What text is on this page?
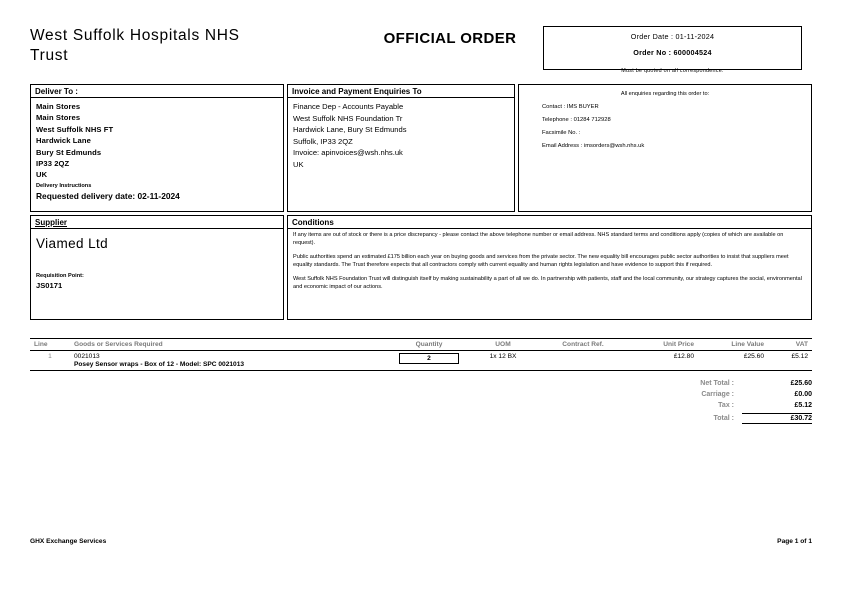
West Suffolk Hospitals NHS Trust
OFFICIAL ORDER	Order Date : 01-11-2024
Order No : 600004524
Must be quoted on all correspondence.
Deliver To :
Main Stores
Main Stores
West Suffolk NHS FT
Hardwick Lane
Bury St Edmunds
IP33 2QZ
UK
Delivery Instructions
Requested delivery date: 02-11-2024
Invoice and Payment Enquiries To
Finance Dep - Accounts Payable
West Suffolk NHS Foundation Tr
Hardwick Lane, Bury St Edmunds
Suffolk, IP33 2QZ
Invoice: apinvoices@wsh.nhs.uk
UK
All enquiries regarding this order to:
Contact : IMS BUYER
Telephone : 01284 712928
Facsimile No. :
Email Address : imsorders@wsh.nhs.uk
Supplier
Viamed Ltd
Requisition Point:
JS0171
Conditions
If any items are out of stock or there is a price discrepancy - please contact the above telephone number or email address. NHS standard terms and conditions apply (copies of which are available on request).
Public authorities spend an estimated £175 billion each year on buying goods and services from the private sector. The new equality bill encourages public sector authorities to insist that suppliers meet equality standards. The Trust therefore expects that all contractors comply with current equality and human rights legislation and have evidence to support this if required.
West Suffolk NHS Foundation Trust will distinguish itself by making sustainability a part of all we do. In partnership with patients, staff and the local community, our strategy captures the social, environmental and economic impact of our actions.
Line	Goods or Services Required	Quantity	UOM	Contract Ref.	Unit Price	Line Value	VAT
1	0021013
Posey Sensor wraps - Box of 12 - Model: SPC 0021013	2	1x 12 BX		£12.80	£25.60	£5.12
Net Total :	£25.60
Carriage :	£0.00
Tax :	£5.12
Total :	£30.72
GHX Exchange Services	Page 1 of 1
